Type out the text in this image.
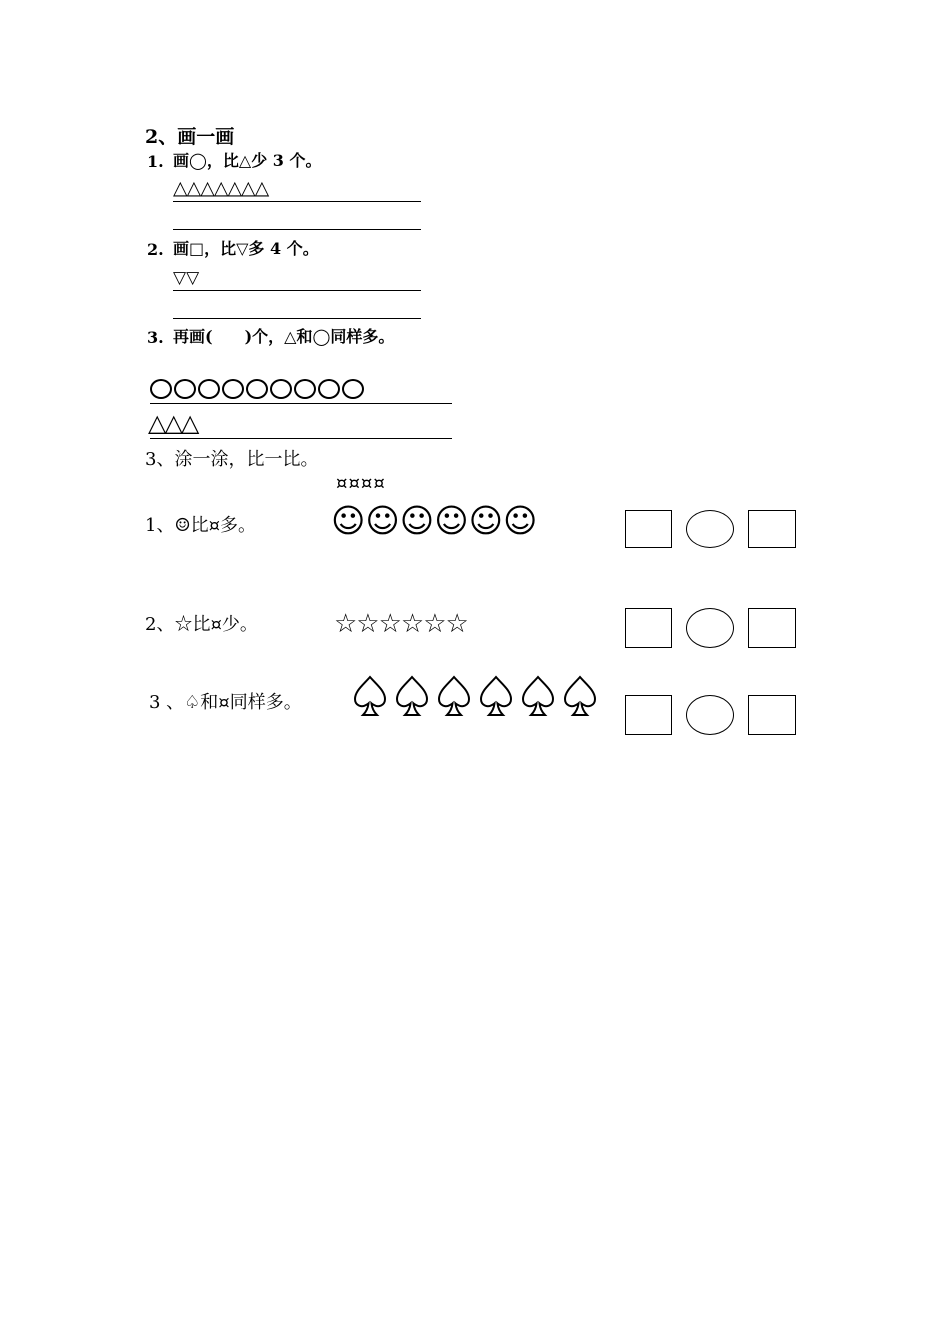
2、画一画
1. 画◯，比△少 3 个。
△△△△△△△
2. 画□，比▽多 4 个。
▽▽
3. 再画(　　)个，△和◯同样多。
△△△
3、涂一涂，比一比。
¤¤¤¤
1、☺比¤多。 ☺☺☺☺☺☺
2、☆比¤少。	☆☆☆☆☆☆
3 、♤和¤同样多。
